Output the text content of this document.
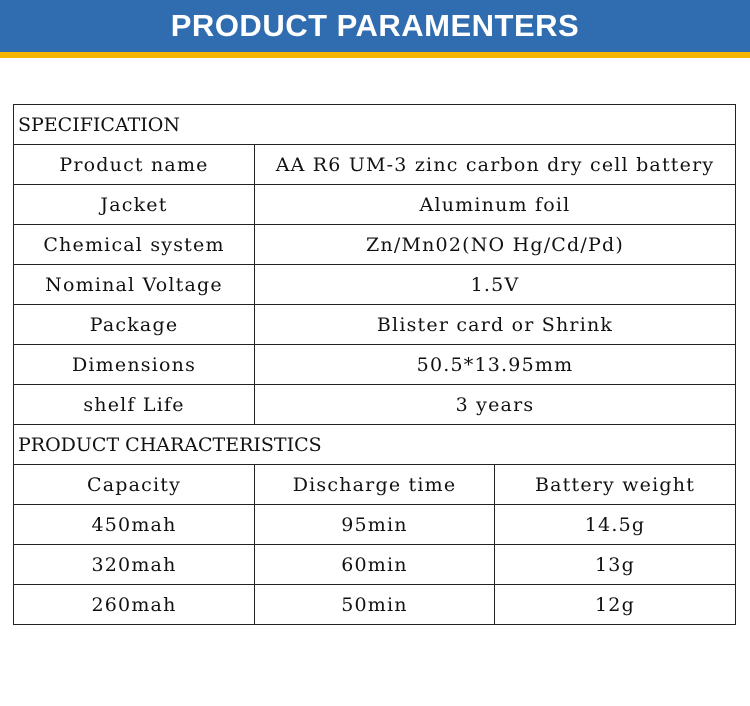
PRODUCT PARAMENTERS
SPECIFICATION		
Product name	AA R6 UM-3 zinc carbon dry cell battery	
Jacket	Aluminum foil	
Chemical system	Zn/Mn02(NO Hg/Cd/Pd)	
Nominal Voltage	1.5V	
Package	Blister card or Shrink	
Dimensions	50.5*13.95mm	
shelf Life	3 years	
PRODUCT CHARACTERISTICS		
Capacity	Discharge time	Battery weight
450mah	95min	14.5g
320mah	60min	13g
260mah	50min	12g
